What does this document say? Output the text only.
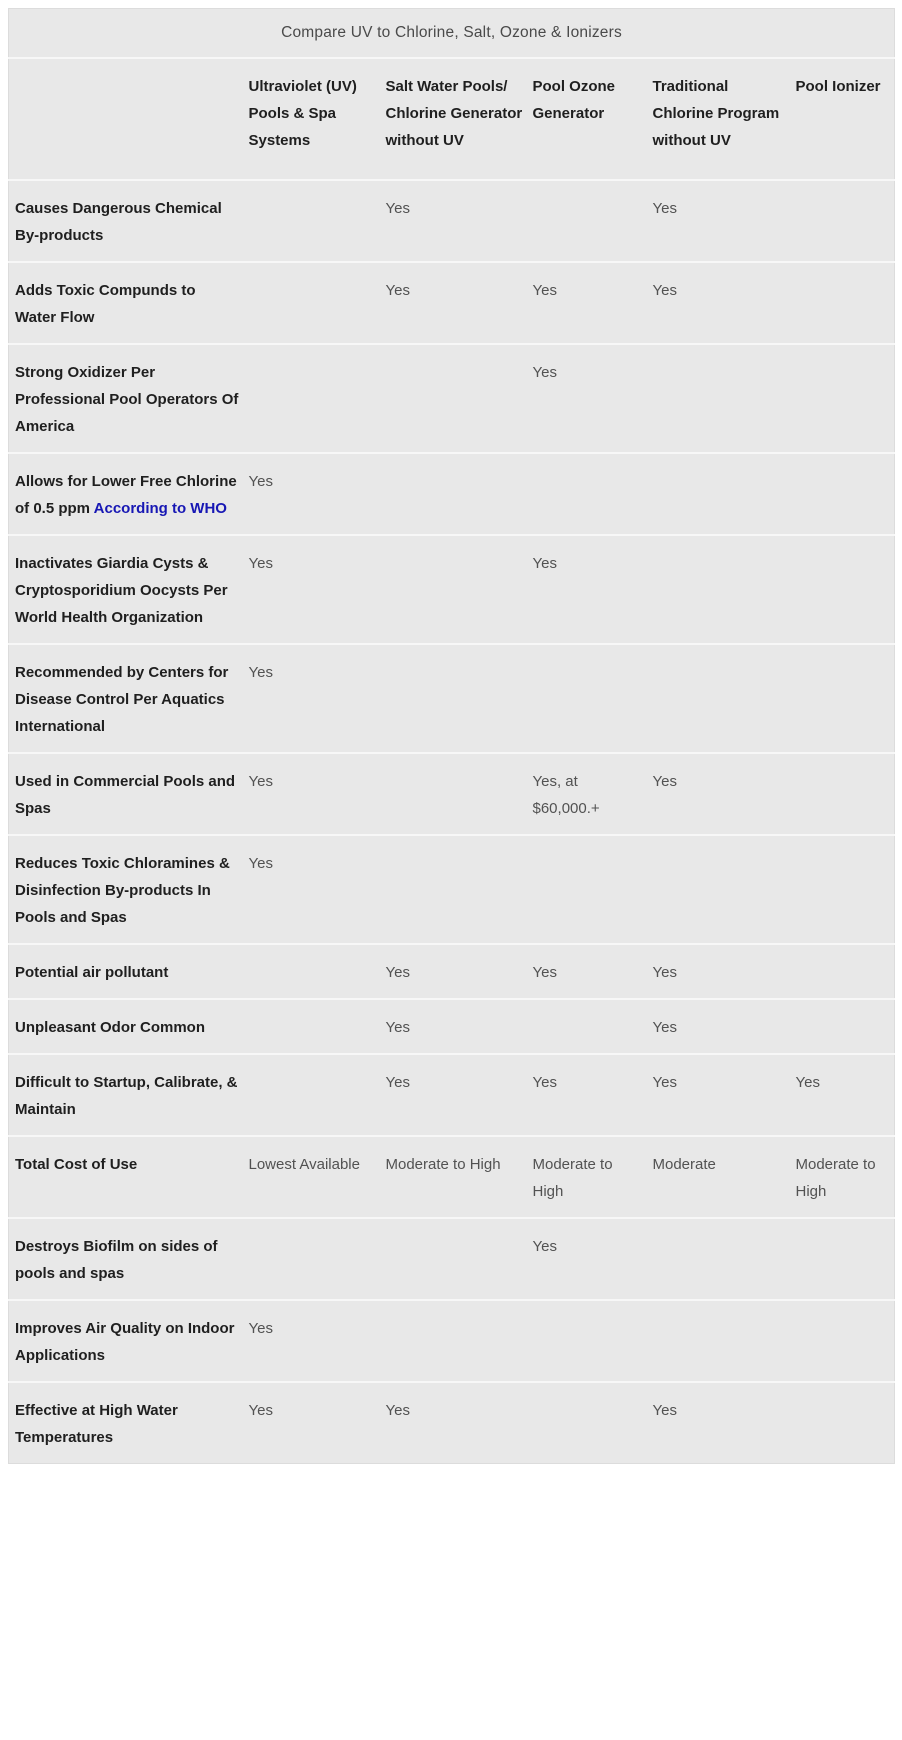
Compare UV to Chlorine, Salt, Ozone & Ionizers					
	Ultraviolet (UV) Pools & Spa Systems	Salt Water Pools/ Chlorine Generator without UV	Pool Ozone Generator	Traditional Chlorine Program without UV	Pool Ionizer
Causes Dangerous Chemical By-products		Yes		Yes	
Adds Toxic Compunds to Water Flow		Yes	Yes	Yes	
Strong Oxidizer Per Professional Pool Operators Of America			Yes		
Allows for Lower Free Chlorine of 0.5 ppm According to WHO	Yes				
Inactivates Giardia Cysts & Cryptosporidium Oocysts Per World Health Organization	Yes		Yes		
Recommended by Centers for Disease Control Per Aquatics International	Yes				
Used in Commercial Pools and Spas	Yes		Yes, at $60,000.+	Yes	
Reduces Toxic Chloramines & Disinfection By-products In Pools and Spas	Yes				
Potential air pollutant		Yes	Yes	Yes	
Unpleasant Odor Common		Yes		Yes	
Difficult to Startup, Calibrate, & Maintain		Yes	Yes	Yes	Yes
Total Cost of Use	Lowest Available	Moderate to High	Moderate to High	Moderate	Moderate to High
Destroys Biofilm on sides of pools and spas			Yes		
Improves Air Quality on Indoor Applications	Yes				
Effective at High Water Temperatures	Yes	Yes		Yes	
